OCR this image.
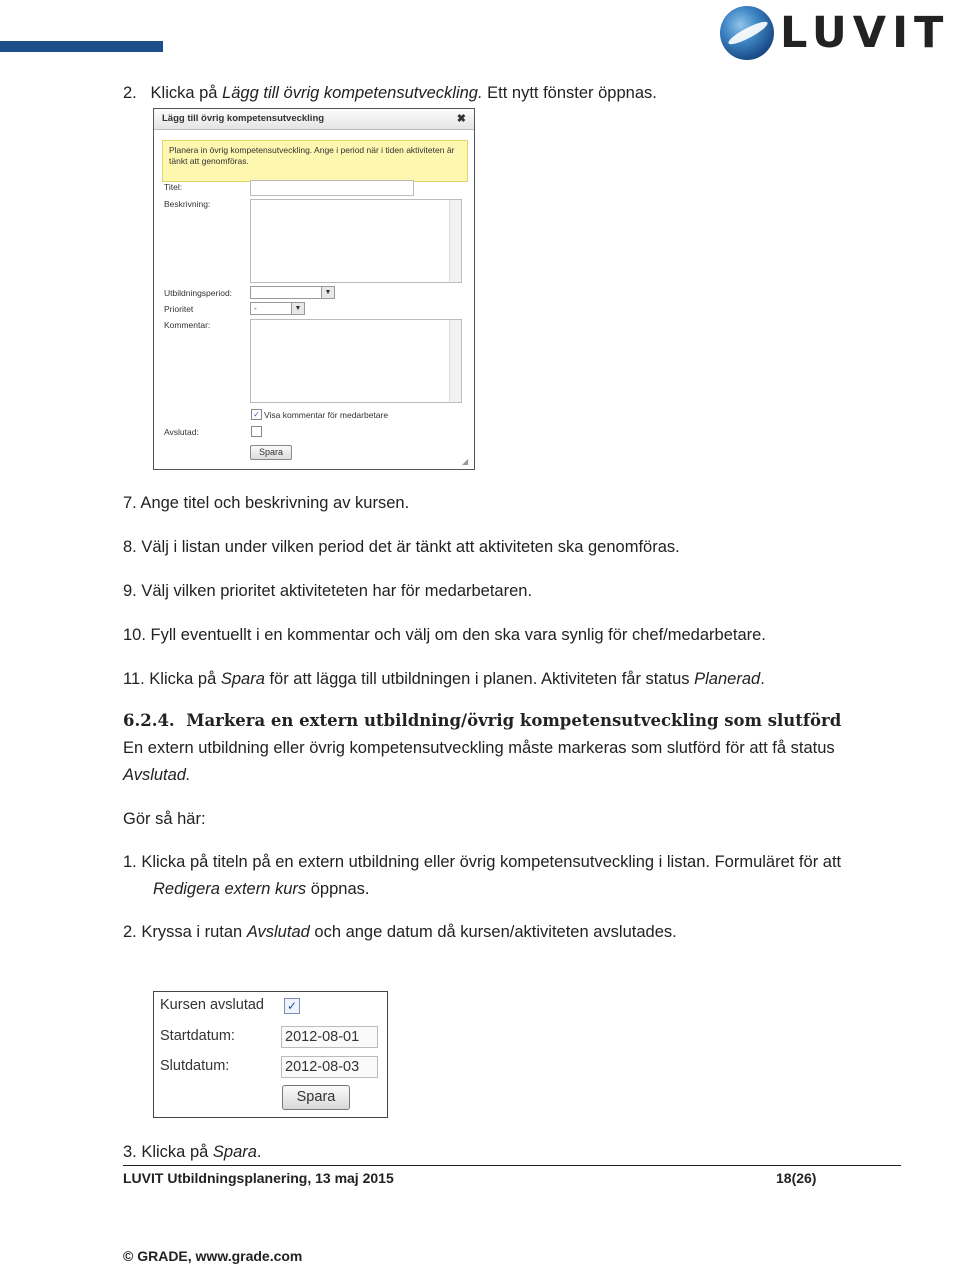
LUVIT
2. Klicka på Lägg till övrig kompetensutveckling. Ett nytt fönster öppnas.
Lägg till övrig kompetensutveckling	✖
Planera in övrig kompetensutveckling. Ange i period när i tiden aktiviteten är tänkt att genomföras.
Titel:
Beskrivning:
Utbildningsperiod:	▼
Prioritet	-	▼
Kommentar:
✓ Visa kommentar för medarbetare
Avslutad:
Spara
◢
7. Ange titel och beskrivning av kursen.
8. Välj i listan under vilken period det är tänkt att aktiviteten ska genomföras.
9. Välj vilken prioritet aktiviteteten har för medarbetaren.
10. Fyll eventuellt i en kommentar och välj om den ska vara synlig för chef/medarbetare.
11. Klicka på Spara för att lägga till utbildningen i planen. Aktiviteten får status Planerad.
6.2.4. Markera en extern utbildning/övrig kompetensutveckling som slutförd
En extern utbildning eller övrig kompetensutveckling måste markeras som slutförd för att få status
Avslutad.
Gör så här:
1. Klicka på titeln på en extern utbildning eller övrig kompetensutveckling i listan. Formuläret för att
Redigera extern kurs öppnas.
2. Kryssa i rutan Avslutad och ange datum då kursen/aktiviteten avslutades.
Kursen avslutad ✓
Startdatum:	2012-08-01
Slutdatum:	2012-08-03
Spara
3. Klicka på Spara.
LUVIT Utbildningsplanering, 13 maj 2015	18(26)
© GRADE, www.grade.com
